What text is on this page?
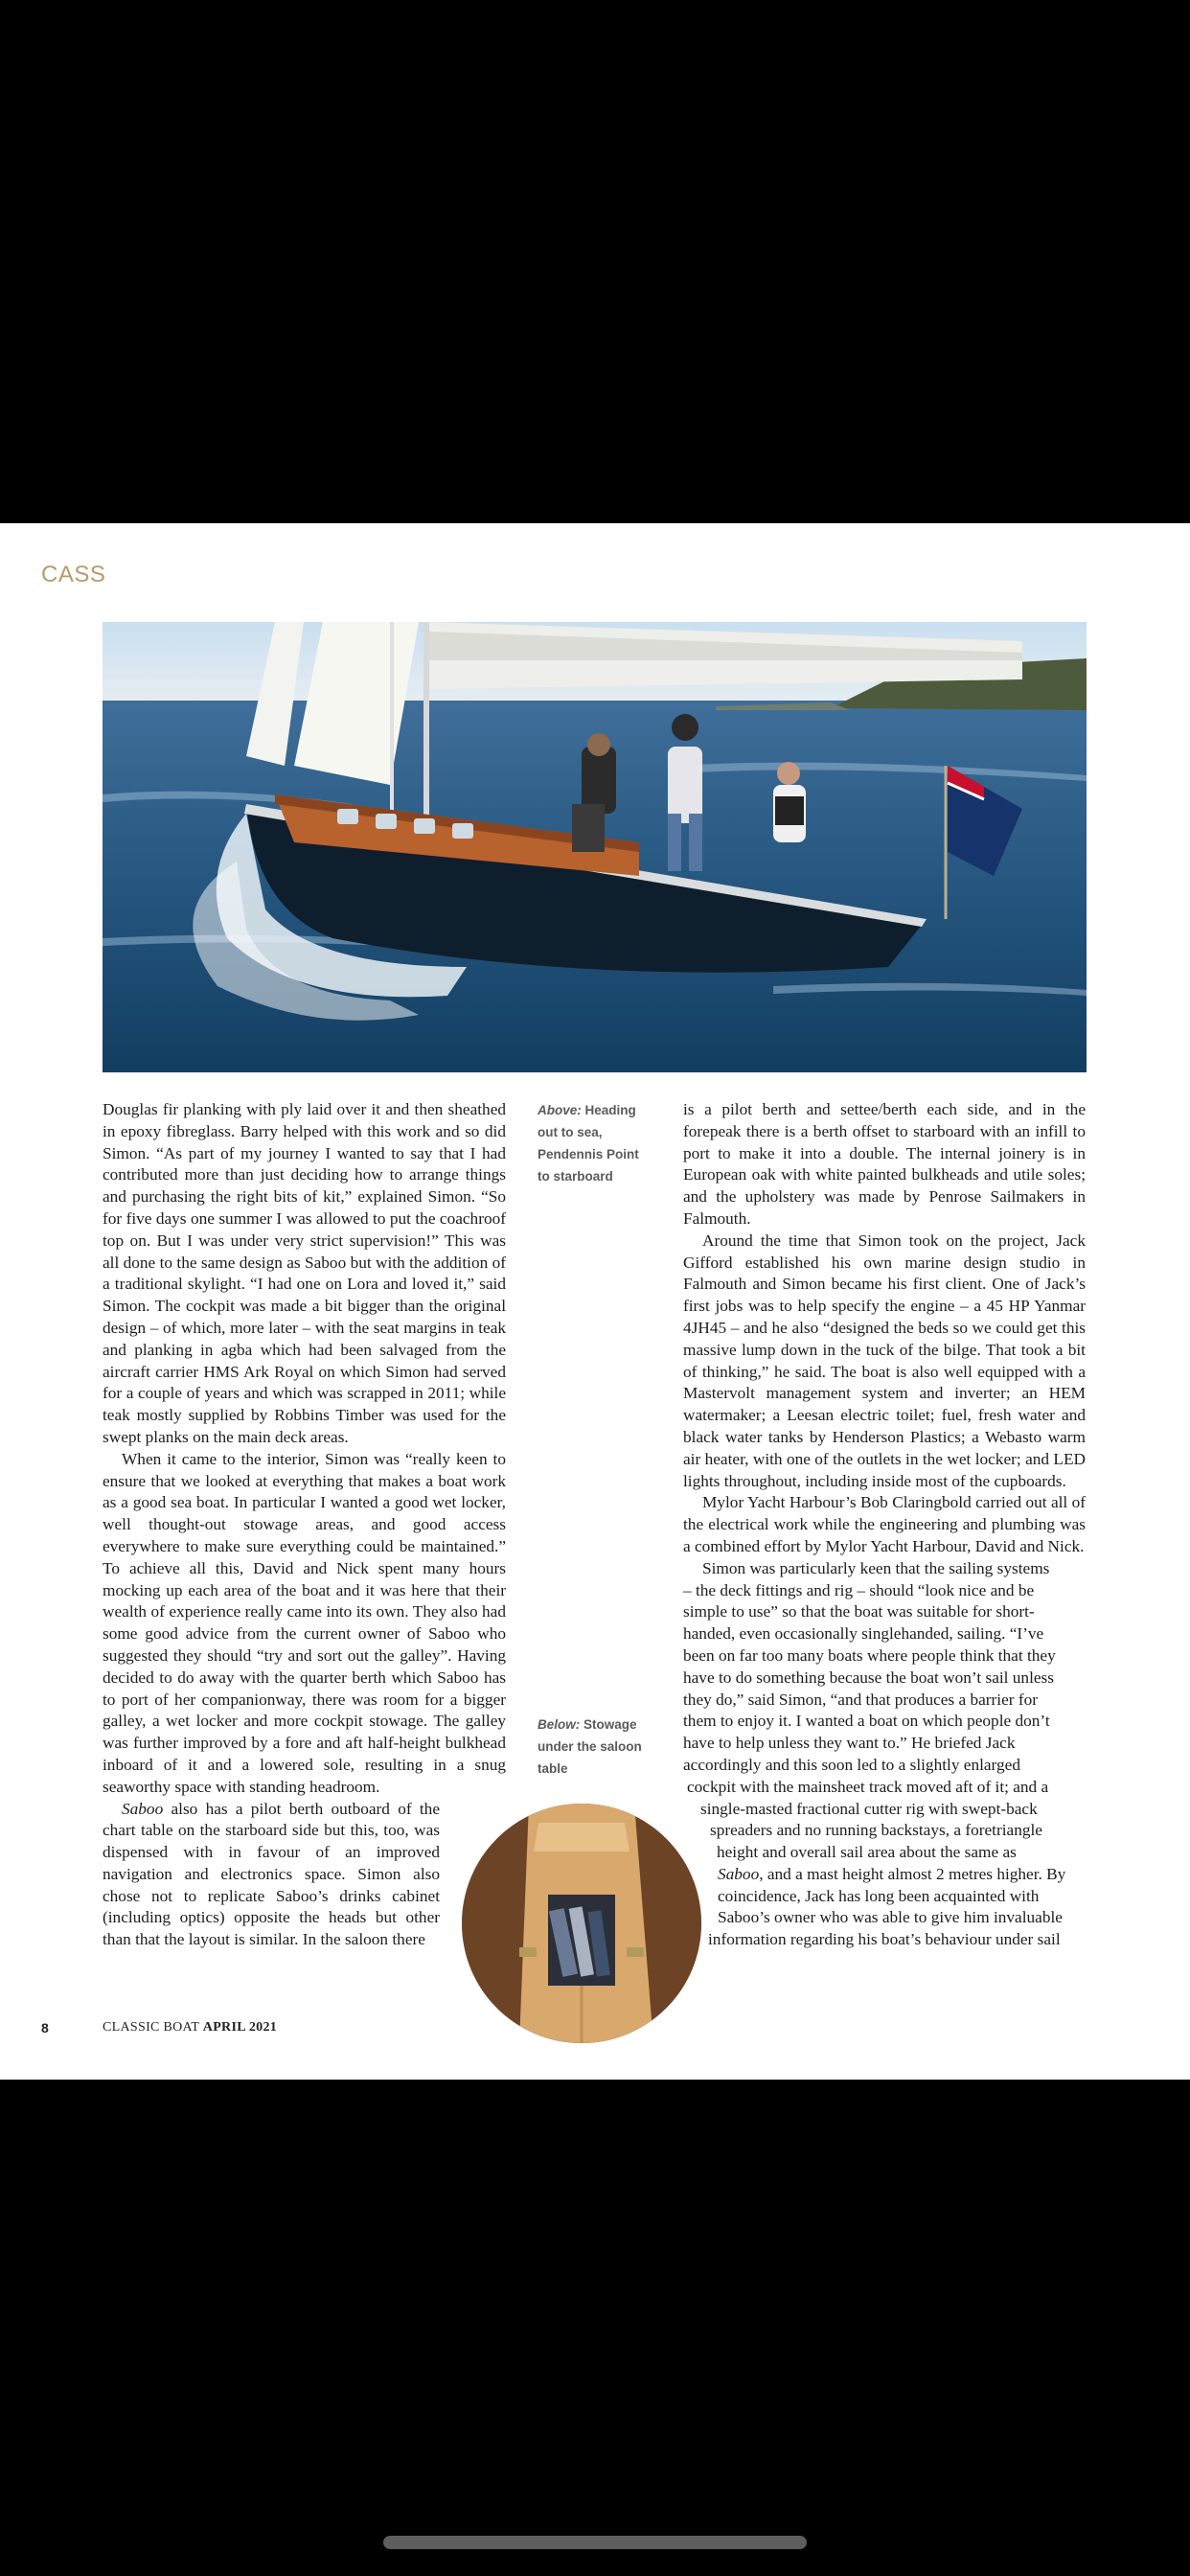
CASS

Douglas fir planking with ply laid over it and then sheathed in epoxy fibreglass. Barry helped with this work and so did Simon. “As part of my journey I wanted to say that I had contributed more than just deciding how to arrange things and purchasing the right bits of kit,” explained Simon. “So for five days one summer I was allowed to put the coachroof top on. But I was under very strict supervision!” This was all done to the same design as Saboo but with the addition of a traditional skylight. “I had one on Lora and loved it,” said Simon. The cockpit was made a bit bigger than the original design – of which, more later – with the seat margins in teak and planking in agba which had been salvaged from the aircraft carrier HMS Ark Royal on which Simon had served for a couple of years and which was scrapped in 2011; while teak mostly supplied by Robbins Timber was used for the swept planks on the main deck areas.

When it came to the interior, Simon was “really keen to ensure that we looked at everything that makes a boat work as a good sea boat. In particular I wanted a good wet locker, well thought-out stowage areas, and good access everywhere to make sure everything could be maintained.” To achieve all this, David and Nick spent many hours mocking up each area of the boat and it was here that their wealth of experience really came into its own. They also had some good advice from the current owner of Saboo who suggested they should “try and sort out the galley”. Having decided to do away with the quarter berth which Saboo has to port of her companionway, there was room for a bigger galley, a wet locker and more cockpit stowage. The galley was further improved by a fore and aft half-height bulkhead inboard of it and a lowered sole, resulting in a snug seaworthy space with standing headroom.

Saboo also has a pilot berth outboard of the chart table on the starboard side but this, too, was dispensed with in favour of an improved navigation and electronics space. Simon also chose not to replicate Saboo’s drinks cabinet (including optics) opposite the heads but other than that the layout is similar. In the saloon there

Above: Heading out to sea, Pendennis Point to starboard
Below: Stowage under the saloon table

is a pilot berth and settee/berth each side, and in the forepeak there is a berth offset to starboard with an infill to port to make it into a double. The internal joinery is in European oak with white painted bulkheads and utile soles; and the upholstery was made by Penrose Sailmakers in Falmouth.

Around the time that Simon took on the project, Jack Gifford established his own marine design studio in Falmouth and Simon became his first client. One of Jack’s first jobs was to help specify the engine – a 45 HP Yanmar 4JH45 – and he also “designed the beds so we could get this massive lump down in the tuck of the bilge. That took a bit of thinking,” he said. The boat is also well equipped with a Mastervolt management system and inverter; an HEM watermaker; a Leesan electric toilet; fuel, fresh water and black water tanks by Henderson Plastics; a Webasto warm air heater, with one of the outlets in the wet locker; and LED lights throughout, including inside most of the cupboards.

Mylor Yacht Harbour’s Bob Claringbold carried out all of the electrical work while the engineering and plumbing was a combined effort by Mylor Yacht Harbour, David and Nick.

Simon was particularly keen that the sailing systems
– the deck fittings and rig – should “look nice and be
simple to use” so that the boat was suitable for short-
handed, even occasionally singlehanded, sailing. “I’ve
been on far too many boats where people think that they
have to do something because the boat won’t sail unless
they do,” said Simon, “and that produces a barrier for
them to enjoy it. I wanted a boat on which people don’t
have to help unless they want to.” He briefed Jack
accordingly and this soon led to a slightly enlarged
cockpit with the mainsheet track moved aft of it; and a
single-masted fractional cutter rig with swept-back
spreaders and no running backstays, a foretriangle
height and overall sail area about the same as
Saboo, and a mast height almost 2 metres higher. By
coincidence, Jack has long been acquainted with
Saboo’s owner who was able to give him invaluable
information regarding his boat’s behaviour under sail
8	CLASSIC BOAT APRIL 2021
